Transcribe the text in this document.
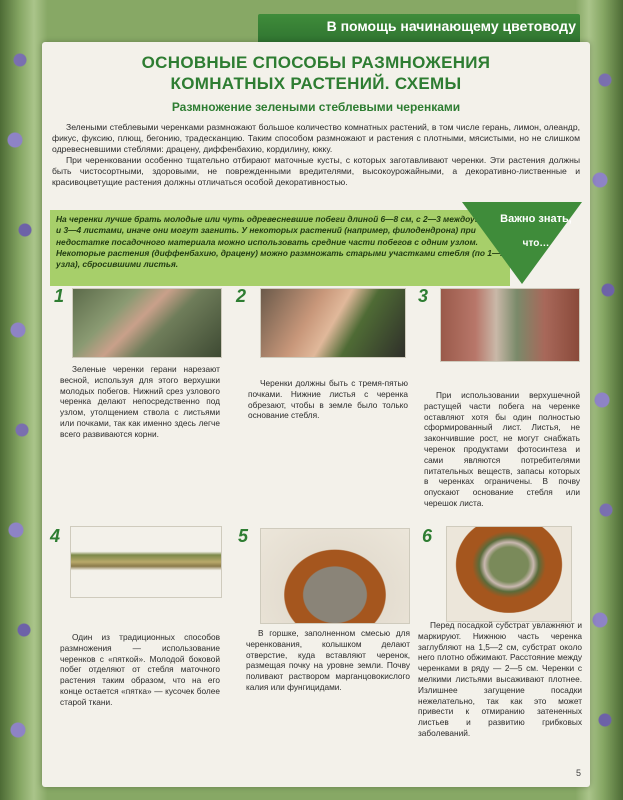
В помощь начинающему цветоводу
ОСНОВНЫЕ СПОСОБЫ РАЗМНОЖЕНИЯ
КОМНАТНЫХ РАСТЕНИЙ. СХЕМЫ
Размножение зелеными стеблевыми черенками

Зелеными стеблевыми черенками размножают большое количество комнатных растений, в том числе герань, лимон, олеандр, фикус, фуксию, плющ, бегонию, традесканцию. Таким способом размножают и растения с плотными, мясистыми, но не слишком одревесневшими стеблями: драцену, диффенбахию, кордилину, юкку.

При черенковании особенно тщательно отбирают маточные кусты, с которых заготавливают черенки. Эти растения должны быть чистосортными, здоровыми, не поврежденными вредителями, высокоурожайными, а декоративно-лиственные и красивоцветущие растения должны отличаться особой декоративностью.

На черенки лучше брать молодые или чуть одревесневшие побеги длиной 6—8 см, с 2—3 междоузлиями и 3—4 листами, иначе они могут загнить. У некоторых растений (например, филодендрона) при недостатке посадочного материала можно использовать средние части побегов с одним узлом. Некоторые растения (диффенбахию, драцену) можно размножать старыми участками стебля (по 1—2 узла), сбросившими листья.
Важно знать,
что…
1

Зеленые черенки герани нарезают весной, используя для этого верхушки молодых побегов. Нижний срез узлового черенка делают непосредственно под узлом, утолщением ствола с листьями или почками, так как именно здесь легче всего развиваются корни.

2

Черенки должны быть с тремя-пятью почками. Нижние листья с черенка обрезают, чтобы в земле было только основание стебля.

3

При использовании верхушечной растущей части побега на черенке оставляют хотя бы один полностью сформированный лист. Листья, не закончившие рост, не могут снабжать черенок продуктами фотосинтеза и сами являются потребителями питательных веществ, запасы которых в черенках ограничены. В почву опускают основание стебля или черешок листа.

4

Один из традиционных способов размножения — использование черенков с «пяткой». Молодой боковой побег отделяют от стебля маточного растения таким образом, что на его конце остается «пятка» — кусочек более старой ткани.

5

В горшке, заполненном смесью для черенкования, колышком делают отверстие, куда вставляют черенок, размещая почку на уровне земли. Почву поливают раствором марганцовокислого калия или фунгицидами.

6

Перед посадкой субстрат увлажняют и маркируют. Нижнюю часть черенка заглубляют на 1,5—2 см, субстрат около него плотно обжимают. Расстояние между черенками в ряду — 2—5 см. Черенки с мелкими листьями высаживают плотнее. Излишнее загущение посадки нежелательно, так как это может привести к отмиранию затененных листьев и развитию грибковых заболеваний.

5
